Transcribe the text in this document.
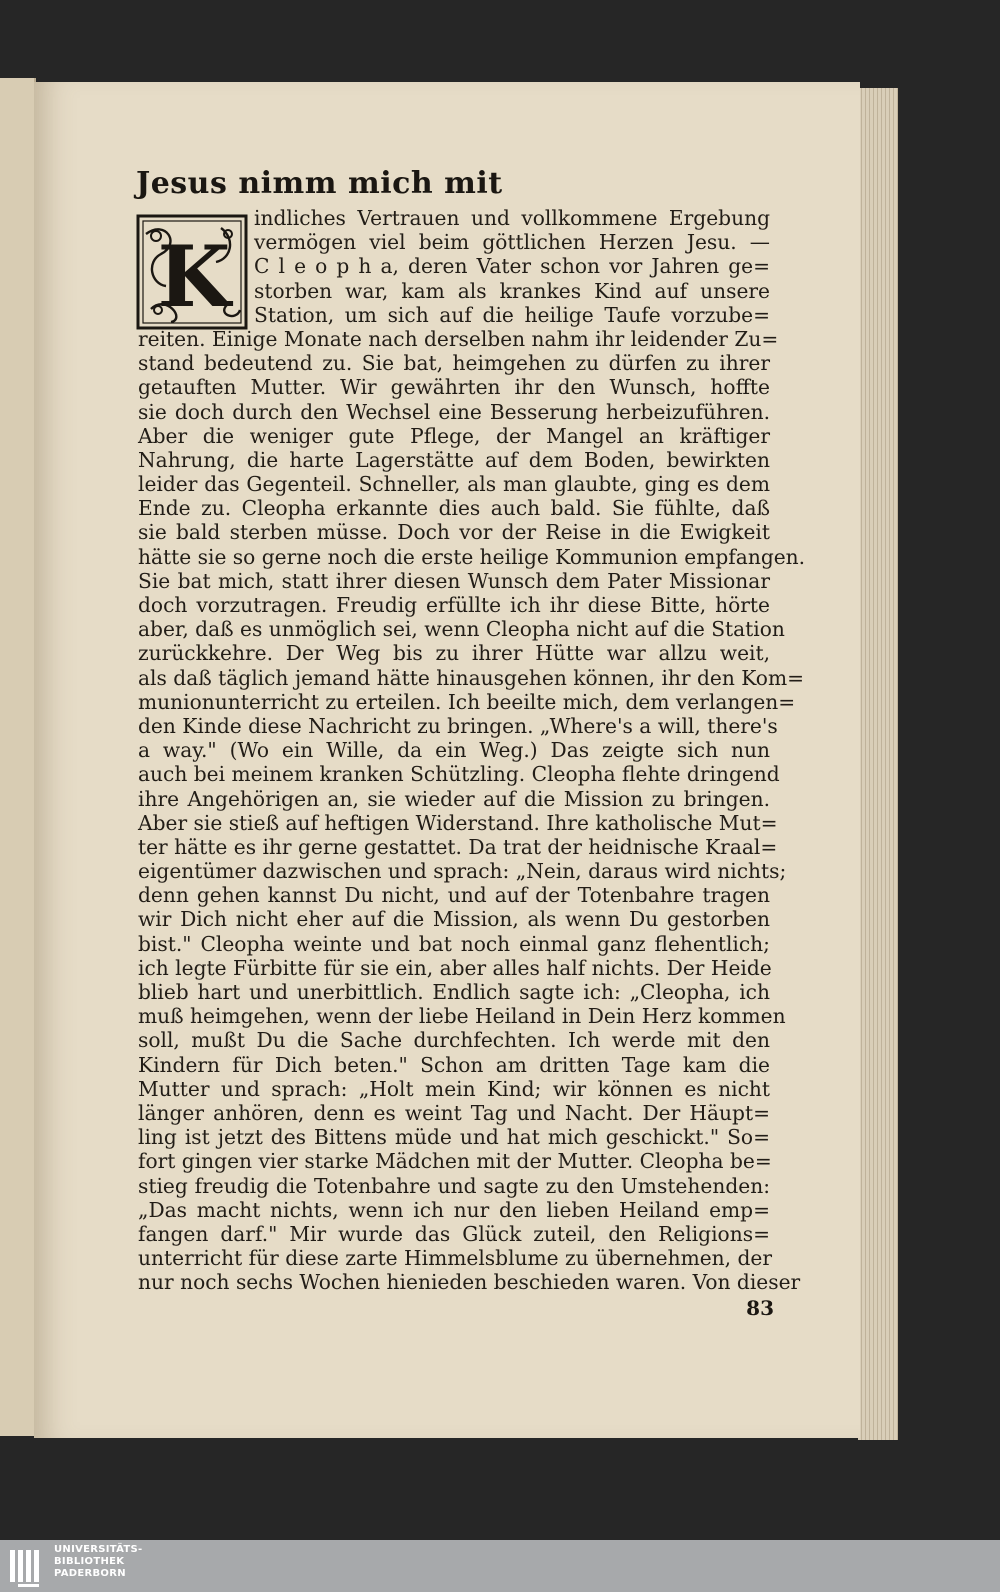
Jesus nimm mich mit
K
indliches Vertrauen und vollkommene Ergebung
vermögen viel beim göttlichen Herzen Jesu. —
C l e o p h a, deren Vater schon vor Jahren ge=
storben war, kam als krankes Kind auf unsere
Station, um sich auf die heilige Taufe vorzube=
reiten. Einige Monate nach derselben nahm ihr leidender Zu=
stand bedeutend zu. Sie bat, heimgehen zu dürfen zu ihrer
getauften Mutter. Wir gewährten ihr den Wunsch, hoffte
sie doch durch den Wechsel eine Besserung herbeizuführen.
Aber die weniger gute Pflege, der Mangel an kräftiger
Nahrung, die harte Lagerstätte auf dem Boden, bewirkten
leider das Gegenteil. Schneller, als man glaubte, ging es dem
Ende zu. Cleopha erkannte dies auch bald. Sie fühlte, daß
sie bald sterben müsse. Doch vor der Reise in die Ewigkeit
hätte sie so gerne noch die erste heilige Kommunion empfangen.
Sie bat mich, statt ihrer diesen Wunsch dem Pater Missionar
doch vorzutragen. Freudig erfüllte ich ihr diese Bitte, hörte
aber, daß es unmöglich sei, wenn Cleopha nicht auf die Station
zurückkehre. Der Weg bis zu ihrer Hütte war allzu weit,
als daß täglich jemand hätte hinausgehen können, ihr den Kom=
munionunterricht zu erteilen. Ich beeilte mich, dem verlangen=
den Kinde diese Nachricht zu bringen. „Where's a will, there's
a way." (Wo ein Wille, da ein Weg.) Das zeigte sich nun
auch bei meinem kranken Schützling. Cleopha flehte dringend
ihre Angehörigen an, sie wieder auf die Mission zu bringen.
Aber sie stieß auf heftigen Widerstand. Ihre katholische Mut=
ter hätte es ihr gerne gestattet. Da trat der heidnische Kraal=
eigentümer dazwischen und sprach: „Nein, daraus wird nichts;
denn gehen kannst Du nicht, und auf der Totenbahre tragen
wir Dich nicht eher auf die Mission, als wenn Du gestorben
bist." Cleopha weinte und bat noch einmal ganz flehentlich;
ich legte Fürbitte für sie ein, aber alles half nichts. Der Heide
blieb hart und unerbittlich. Endlich sagte ich: „Cleopha, ich
muß heimgehen, wenn der liebe Heiland in Dein Herz kommen
soll, mußt Du die Sache durchfechten. Ich werde mit den
Kindern für Dich beten." Schon am dritten Tage kam die
Mutter und sprach: „Holt mein Kind; wir können es nicht
länger anhören, denn es weint Tag und Nacht. Der Häupt=
ling ist jetzt des Bittens müde und hat mich geschickt." So=
fort gingen vier starke Mädchen mit der Mutter. Cleopha be=
stieg freudig die Totenbahre und sagte zu den Umstehenden:
„Das macht nichts, wenn ich nur den lieben Heiland emp=
fangen darf." Mir wurde das Glück zuteil, den Religions=
unterricht für diese zarte Himmelsblume zu übernehmen, der
nur noch sechs Wochen hienieden beschieden waren. Von dieser
83
UNIVERSITÄTS-
BIBLIOTHEK
PADERBORN
